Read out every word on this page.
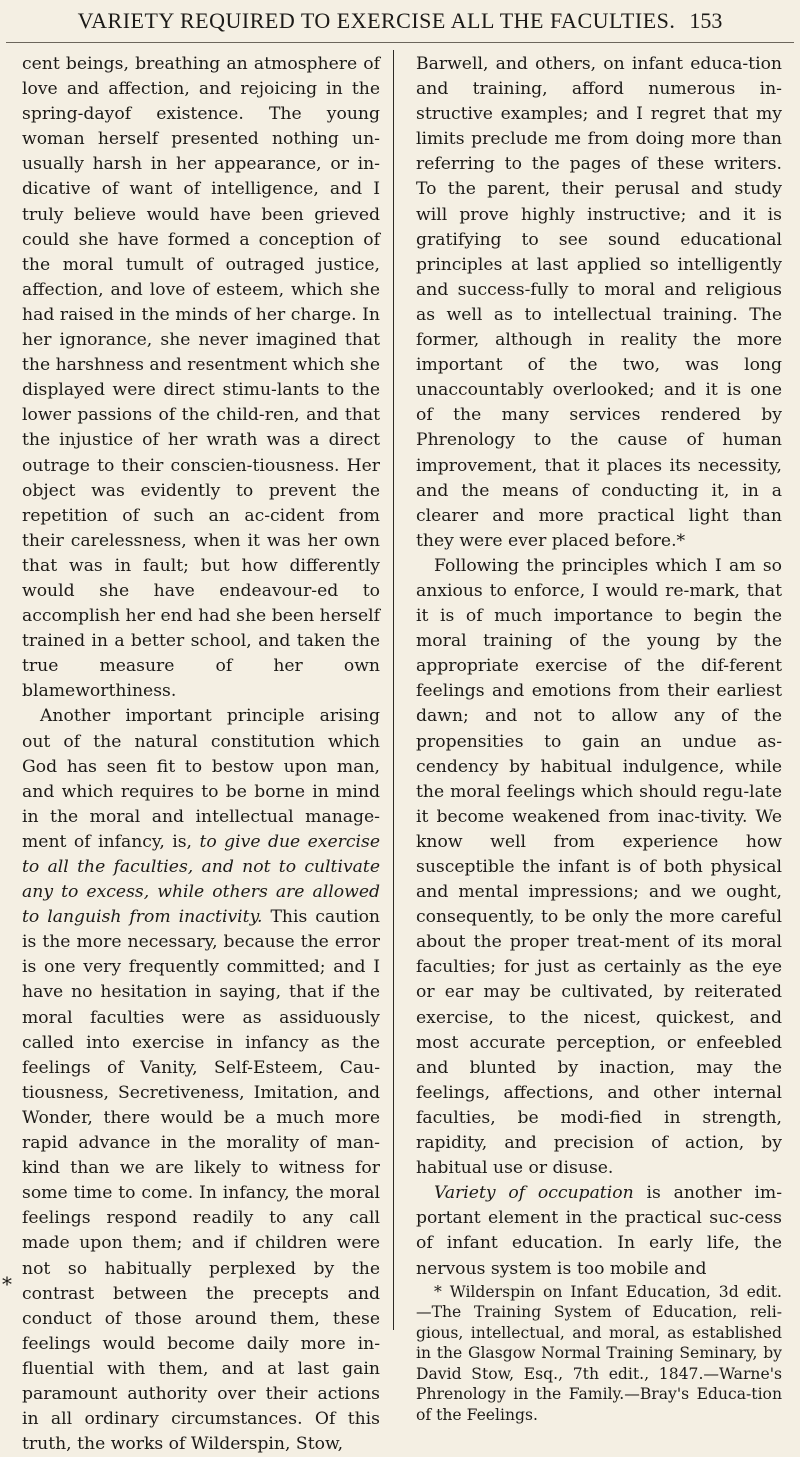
VARIETY REQUIRED TO EXERCISE ALL THE FACULTIES. 153

cent beings, breathing an atmosphere of love and affection, and rejoicing in the spring-dayof existence. The young woman herself presented nothing un-usually harsh in her appearance, or in-dicative of want of intelligence, and I truly believe would have been grieved could she have formed a conception of the moral tumult of outraged justice, affection, and love of esteem, which she had raised in the minds of her charge. In her ignorance, she never imagined that the harshness and resentment which she displayed were direct stimu-lants to the lower passions of the child-ren, and that the injustice of her wrath was a direct outrage to their conscien-tiousness. Her object was evidently to prevent the repetition of such an ac-cident from their carelessness, when it was her own that was in fault; but how differently would she have endeavour-ed to accomplish her end had she been herself trained in a better school, and taken the true measure of her own blameworthiness.

Another important principle arising out of the natural constitution which God has seen fit to bestow upon man, and which requires to be borne in mind in the moral and intellectual manage-ment of infancy, is, to give due exercise to all the faculties, and not to cultivate any to excess, while others are allowed to languish from inactivity. This caution is the more necessary, because the error is one very frequently committed; and I have no hesitation in saying, that if the moral faculties were as assiduously called into exercise in infancy as the feelings of Vanity, Self-Esteem, Cau-tiousness, Secretiveness, Imitation, and Wonder, there would be a much more rapid advance in the morality of man-kind than we are likely to witness for some time to come. In infancy, the moral feelings respond readily to any call made upon them; and if children were not so habitually perplexed by the contrast between the precepts and conduct of those around them, these feelings would become daily more in-fluential with them, and at last gain paramount authority over their actions in all ordinary circumstances. Of this truth, the works of Wilderspin, Stow,

Barwell, and others, on infant educa-tion and training, afford numerous in-structive examples; and I regret that my limits preclude me from doing more than referring to the pages of these writers. To the parent, their perusal and study will prove highly instructive; and it is gratifying to see sound educational principles at last applied so intelligently and success-fully to moral and religious as well as to intellectual training. The former, although in reality the more important of the two, was long unaccountably overlooked; and it is one of the many services rendered by Phrenology to the cause of human improvement, that it places its necessity, and the means of conducting it, in a clearer and more practical light than they were ever placed before.*

Following the principles which I am so anxious to enforce, I would re-mark, that it is of much importance to begin the moral training of the young by the appropriate exercise of the dif-ferent feelings and emotions from their earliest dawn; and not to allow any of the propensities to gain an undue as-cendency by habitual indulgence, while the moral feelings which should regu-late it become weakened from inac-tivity. We know well from experience how susceptible the infant is of both physical and mental impressions; and we ought, consequently, to be only the more careful about the proper treat-ment of its moral faculties; for just as certainly as the eye or ear may be cultivated, by reiterated exercise, to the nicest, quickest, and most accurate perception, or enfeebled and blunted by inaction, may the feelings, affections, and other internal faculties, be modi-fied in strength, rapidity, and precision of action, by habitual use or disuse.

Variety of occupation is another im-portant element in the practical suc-cess of infant education. In early life, the nervous system is too mobile and

* Wilderspin on Infant Education, 3d edit. —The Training System of Education, reli-gious, intellectual, and moral, as established in the Glasgow Normal Training Seminary, by David Stow, Esq., 7th edit., 1847.—Warne's Phrenology in the Family.—Bray's Educa-tion of the Feelings.

*
